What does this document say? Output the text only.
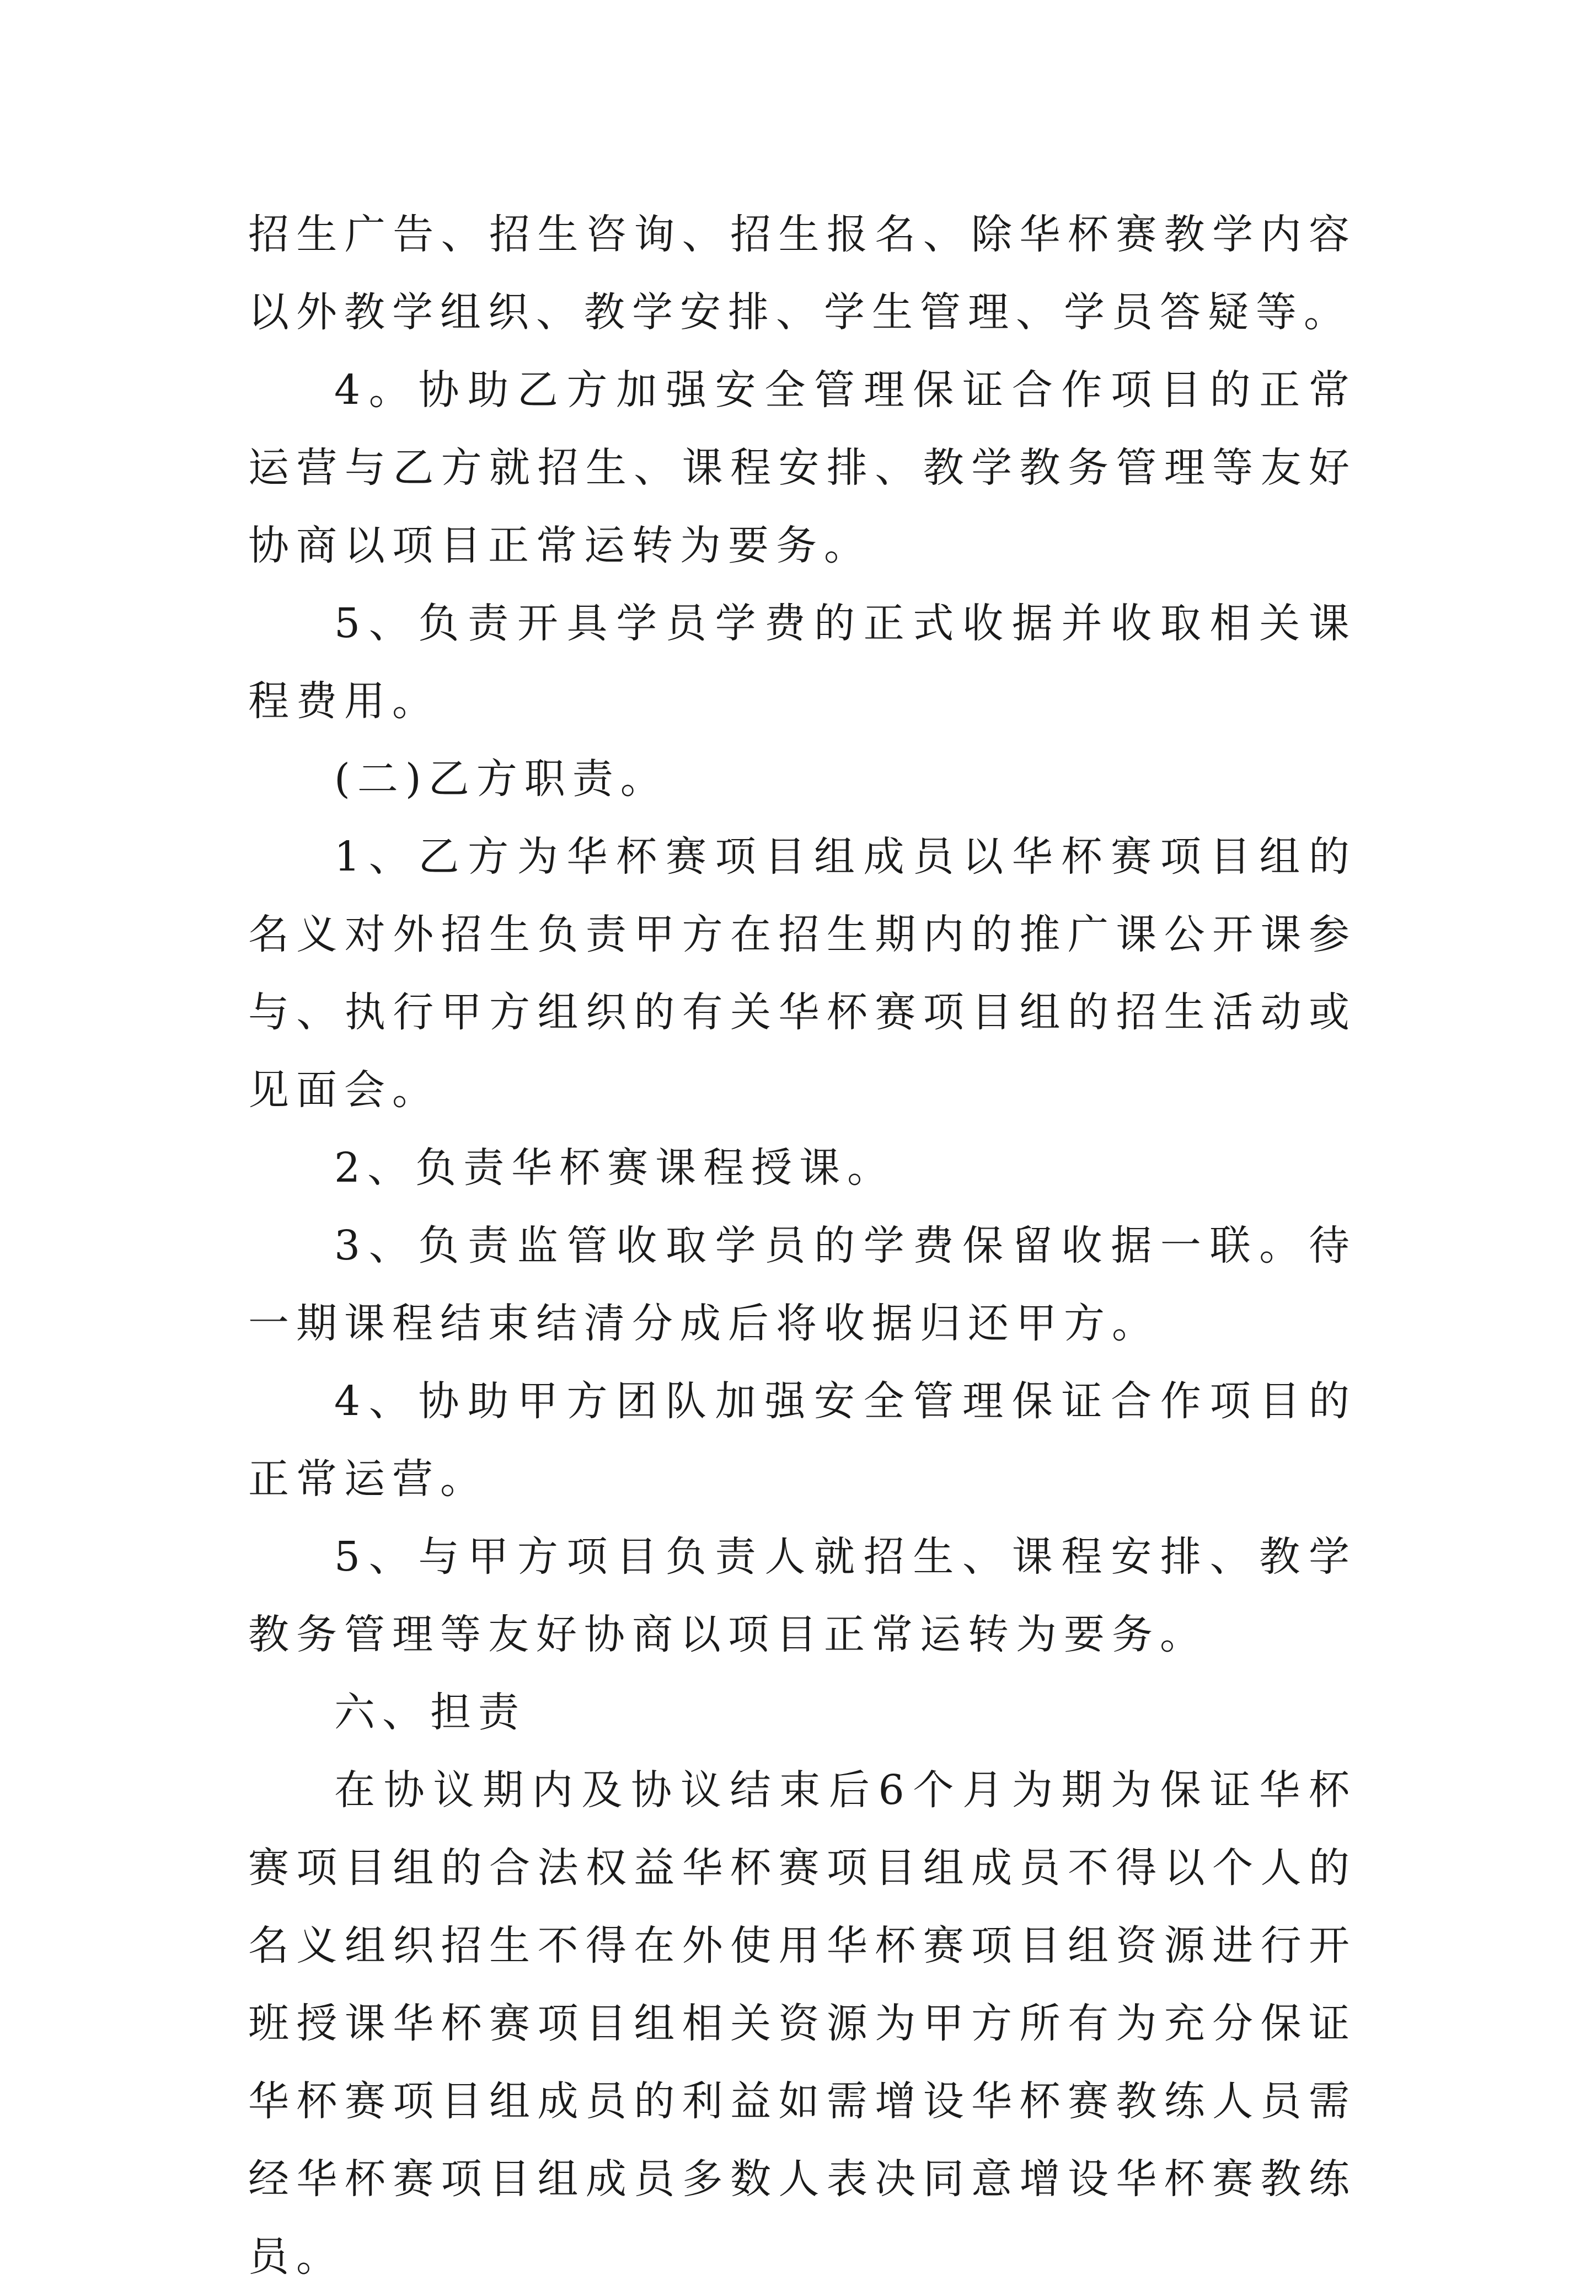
招生广告、招生咨询、招生报名、除华杯赛教学内容以外教学组织、教学安排、学生管理、学员答疑等。

4。协助乙方加强安全管理保证合作项目的正常运营与乙方就招生、课程安排、教学教务管理等友好协商以项目正常运转为要务。

5、负责开具学员学费的正式收据并收取相关课程费用。

(二)乙方职责。

1、乙方为华杯赛项目组成员以华杯赛项目组的名义对外招生负责甲方在招生期内的推广课公开课参与、执行甲方组织的有关华杯赛项目组的招生活动或见面会。

2、负责华杯赛课程授课。

3、负责监管收取学员的学费保留收据一联。待一期课程结束结清分成后将收据归还甲方。

4、协助甲方团队加强安全管理保证合作项目的正常运营。

5、与甲方项目负责人就招生、课程安排、教学教务管理等友好协商以项目正常运转为要务。

六、担责

在协议期内及协议结束后6个月为期为保证华杯赛项目组的合法权益华杯赛项目组成员不得以个人的名义组织招生不得在外使用华杯赛项目组资源进行开班授课华杯赛项目组相关资源为甲方所有为充分保证华杯赛项目组成员的利益如需增设华杯赛教练人员需经华杯赛项目组成员多数人表决同意增设华杯赛教练员。
